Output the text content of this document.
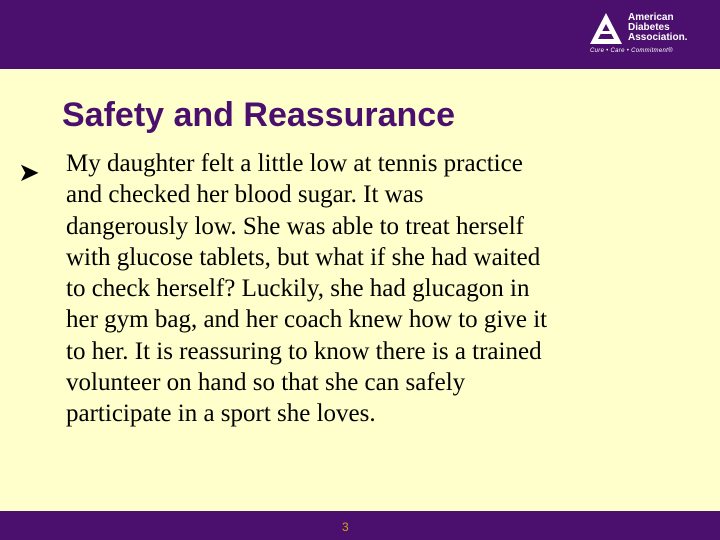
American
Diabetes
Association.
Cure • Care • Commitment®
Safety and Reassurance
➤ My daughter felt a little low at tennis practice
and checked her blood sugar. It was
dangerously low. She was able to treat herself
with glucose tablets, but what if she had waited
to check herself? Luckily, she had glucagon in
her gym bag, and her coach knew how to give it
to her. It is reassuring to know there is a trained
volunteer on hand so that she can safely
participate in a sport she loves.
3
